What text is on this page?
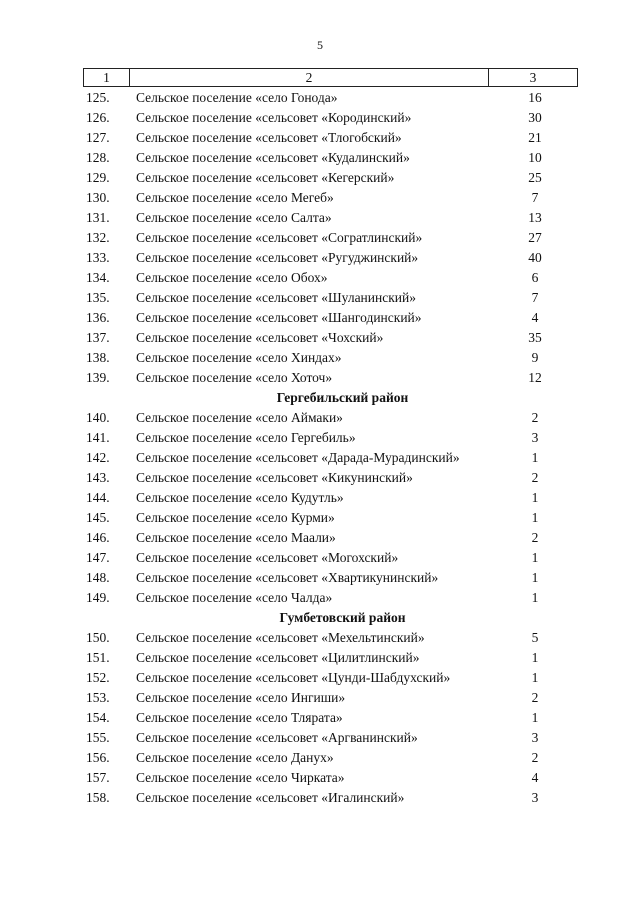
5
1	2	3
125.	Сельское поселение «село Гонода»	16
126.	Сельское поселение «сельсовет «Кородинский»	30
127.	Сельское поселение «сельсовет «Тлогобский»	21
128.	Сельское поселение «сельсовет «Кудалинский»	10
129.	Сельское поселение «сельсовет «Кегерский»	25
130.	Сельское поселение «село Мегеб»	7
131.	Сельское поселение «село Салта»	13
132.	Сельское поселение «сельсовет «Согратлинский»	27
133.	Сельское поселение «сельсовет «Ругуджинский»	40
134.	Сельское поселение «село Обох»	6
135.	Сельское поселение «сельсовет «Шуланинский»	7
136.	Сельское поселение «сельсовет «Шангодинский»	4
137.	Сельское поселение «сельсовет «Чохский»	35
138.	Сельское поселение «село Хиндах»	9
139.	Сельское поселение «село Хоточ»	12
Гергебильский район
140.	Сельское поселение «село Аймаки»	2
141.	Сельское поселение «село Гергебиль»	3
142.	Сельское поселение «сельсовет «Дарада-Мурадинский»	1
143.	Сельское поселение «сельсовет «Кикунинский»	2
144.	Сельское поселение «село Кудутль»	1
145.	Сельское поселение «село Курми»	1
146.	Сельское поселение «село Маали»	2
147.	Сельское поселение «сельсовет «Могохский»	1
148.	Сельское поселение «сельсовет «Хвартикунинский»	1
149.	Сельское поселение «село Чалда»	1
Гумбетовский район
150.	Сельское поселение «сельсовет «Мехельтинский»	5
151.	Сельское поселение «сельсовет «Цилитлинский»	1
152.	Сельское поселение «сельсовет «Цунди-Шабдухский»	1
153.	Сельское поселение «село Ингиши»	2
154.	Сельское поселение «село Тлярата»	1
155.	Сельское поселение «сельсовет «Аргванинский»	3
156.	Сельское поселение «село Данух»	2
157.	Сельское поселение «село Чирката»	4
158.	Сельское поселение «сельсовет «Игалинский»	3
